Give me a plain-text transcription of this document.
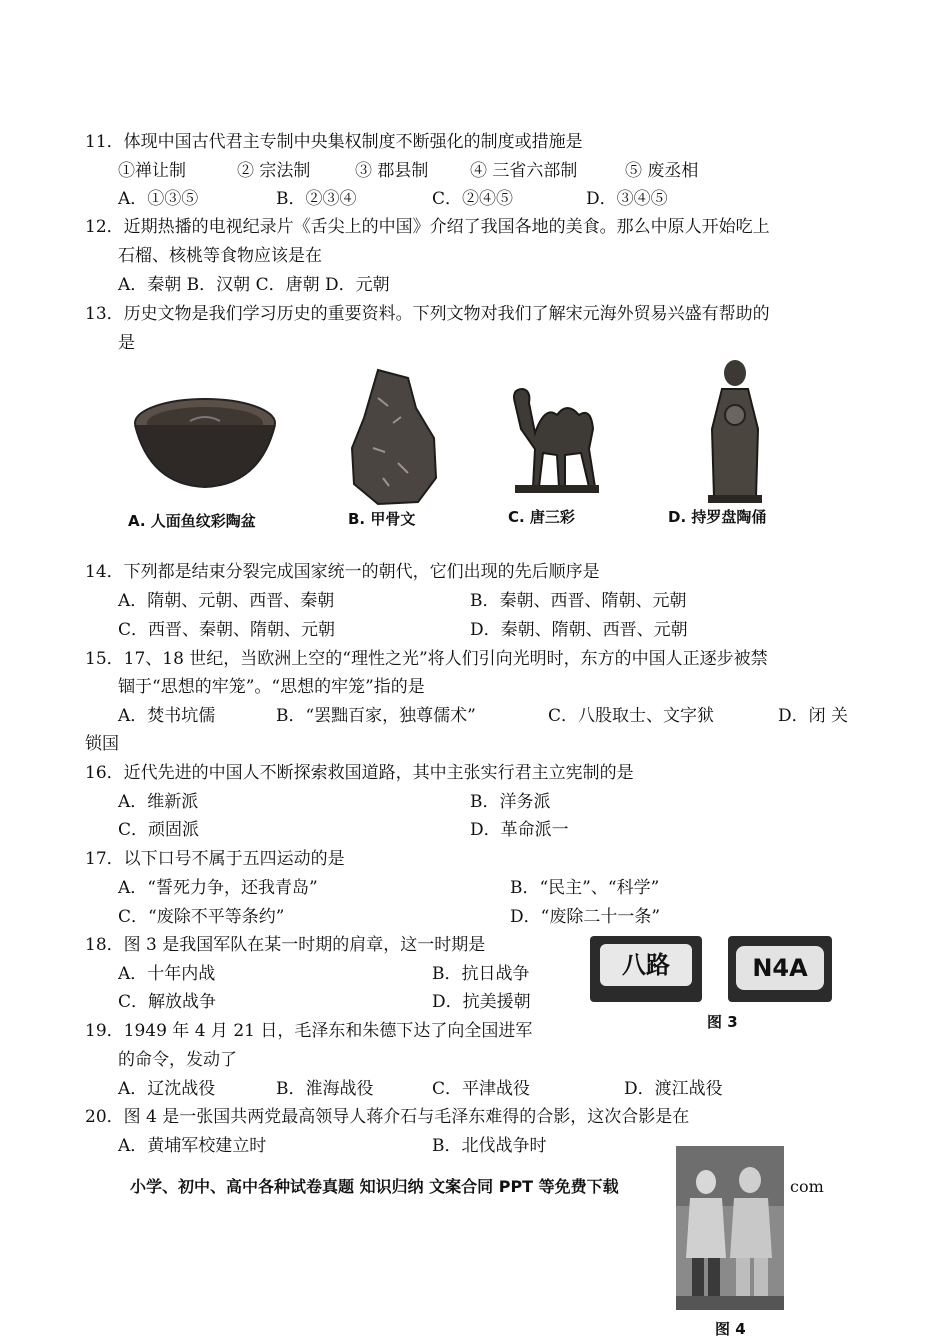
11．体现中国古代君主专制中央集权制度不断强化的制度或措施是
①禅让制	② 宗法制	③ 郡县制 ④ 三省六部制	⑤ 废丞相
A．①③⑤	B．②③④	C．②④⑤	D．③④⑤
12．近期热播的电视纪录片《舌尖上的中国》介绍了我国各地的美食。那么中原人开始吃上
石榴、核桃等食物应该是在
A．秦朝 B．汉朝 C．唐朝 D．元朝
13．历史文物是我们学习历史的重要资料。下列文物对我们了解宋元海外贸易兴盛有帮助的
是
A. 人面鱼纹彩陶盆	B. 甲骨文	C. 唐三彩	D. 持罗盘陶俑
14．下列都是结束分裂完成国家统一的朝代，它们出现的先后顺序是
A．隋朝、元朝、西晋、秦朝	B．秦朝、西晋、隋朝、元朝
C．西晋、秦朝、隋朝、元朝	D．秦朝、隋朝、西晋、元朝
15．17、18 世纪，当欧洲上空的“理性之光”将人们引向光明时，东方的中国人正逐步被禁
锢于“思想的牢笼”。“思想的牢笼”指的是
A．焚书坑儒	B．“罢黜百家，独尊儒术”	C．八股取士、文字狱	D．闭 关
锁国
16．近代先进的中国人不断探索救国道路，其中主张实行君主立宪制的是
A．维新派	B．洋务派
C．顽固派	D．革命派一
17．以下口号不属于五四运动的是
A．“誓死力争，还我青岛”	B．“民主”、“科学”
C．“废除不平等条约”	D．“废除二十一条”
18．图 3 是我国军队在某一时期的肩章，这一时期是
A．十年内战	B．抗日战争
C．解放战争	D．抗美援朝
八路	N4A
图 3
19．1949 年 4 月 21 日，毛泽东和朱德下达了向全国进军
的命令，发动了
A．辽沈战役	B．淮海战役	C．平津战役	D．渡江战役
20．图 4 是一张国共两党最高领导人蒋介石与毛泽东难得的合影，这次合影是在
A．黄埔军校建立时	B．北伐战争时
小学、初中、高中各种试卷真题 知识归纳 文案合同 PPT 等免费下载	com
图 4
